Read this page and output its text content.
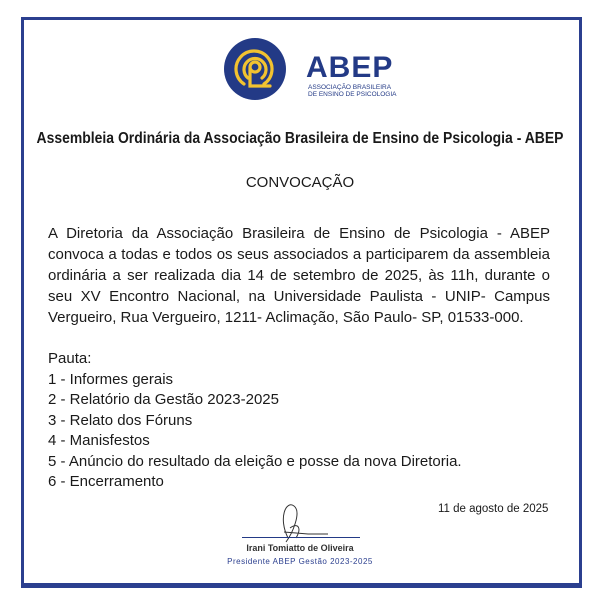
ABEP
ASSOCIAÇÃO BRASILEIRA DE ENSINO DE PSICOLOGIA
Assembleia Ordinária da Associação Brasileira de Ensino de Psicologia - ABEP
CONVOCAÇÃO
A Diretoria da Associação Brasileira de Ensino de Psicologia - ABEP convoca a todas e todos os seus associados a participarem da assembleia ordinária a ser realizada dia 14 de setembro de 2025, às 11h, durante o seu XV Encontro Nacional, na Universidade Paulista - UNIP- Campus Vergueiro, Rua Vergueiro, 1211- Aclimação, São Paulo- SP, 01533-000.
Pauta:
1 - Informes gerais
2 - Relatório da Gestão 2023-2025
3 - Relato dos Fóruns
4 - Manisfestos
5 - Anúncio do resultado da eleição e posse da nova Diretoria.
6 - Encerramento
11 de agosto de 2025
Irani Tomiatto de Oliveira
Presidente ABEP Gestão 2023-2025
